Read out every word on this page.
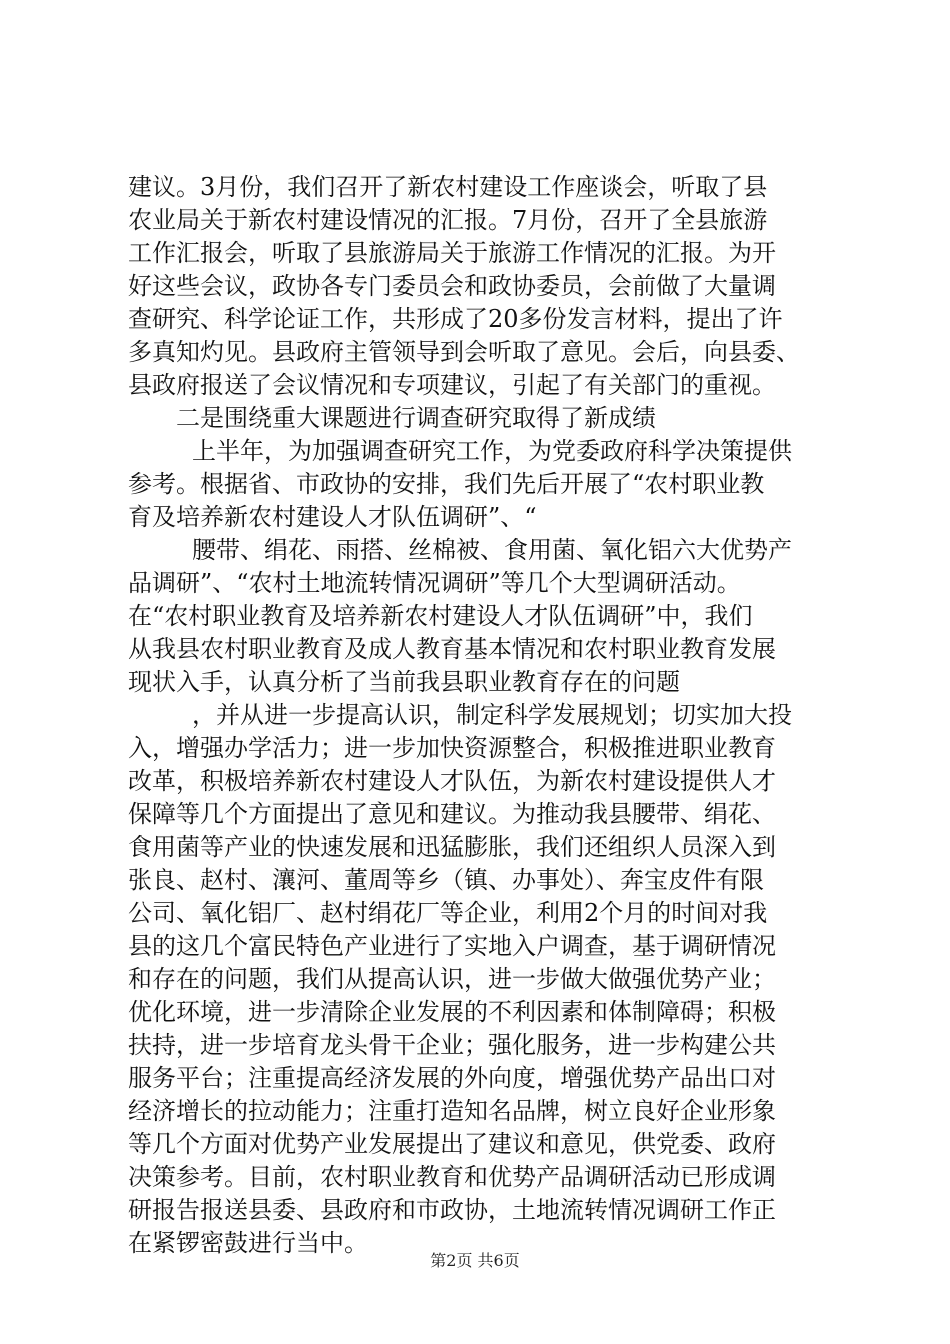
建议。3月份，我们召开了新农村建设工作座谈会，听取了县
农业局关于新农村建设情况的汇报。7月份，召开了全县旅游
工作汇报会，听取了县旅游局关于旅游工作情况的汇报。为开
好这些会议，政协各专门委员会和政协委员，会前做了大量调
查研究、科学论证工作，共形成了20多份发言材料，提出了许
多真知灼见。县政府主管领导到会听取了意见。会后，向县委、
县政府报送了会议情况和专项建议，引起了有关部门的重视。
二是围绕重大课题进行调查研究取得了新成绩
上半年，为加强调查研究工作，为党委政府科学决策提供
参考。根据省、市政协的安排，我们先后开展了“农村职业教
育及培养新农村建设人才队伍调研”、“
腰带、绢花、雨搭、丝棉被、食用菌、氧化铝六大优势产
品调研”、“农村土地流转情况调研”等几个大型调研活动。
在“农村职业教育及培养新农村建设人才队伍调研”中，我们
从我县农村职业教育及成人教育基本情况和农村职业教育发展
现状入手，认真分析了当前我县职业教育存在的问题
，并从进一步提高认识，制定科学发展规划；切实加大投
入，增强办学活力；进一步加快资源整合，积极推进职业教育
改革，积极培养新农村建设人才队伍，为新农村建设提供人才
保障等几个方面提出了意见和建议。为推动我县腰带、绢花、
食用菌等产业的快速发展和迅猛膨胀，我们还组织人员深入到
张良、赵村、瀼河、董周等乡（镇、办事处）、奔宝皮件有限
公司、氧化铝厂、赵村绢花厂等企业，利用2个月的时间对我
县的这几个富民特色产业进行了实地入户调查，基于调研情况
和存在的问题，我们从提高认识，进一步做大做强优势产业；
优化环境，进一步清除企业发展的不利因素和体制障碍；积极
扶持，进一步培育龙头骨干企业；强化服务，进一步构建公共
服务平台；注重提高经济发展的外向度，增强优势产品出口对
经济增长的拉动能力；注重打造知名品牌，树立良好企业形象
等几个方面对优势产业发展提出了建议和意见，供党委、政府
决策参考。目前，农村职业教育和优势产品调研活动已形成调
研报告报送县委、县政府和市政协，土地流转情况调研工作正
在紧锣密鼓进行当中。
第2页 共6页
